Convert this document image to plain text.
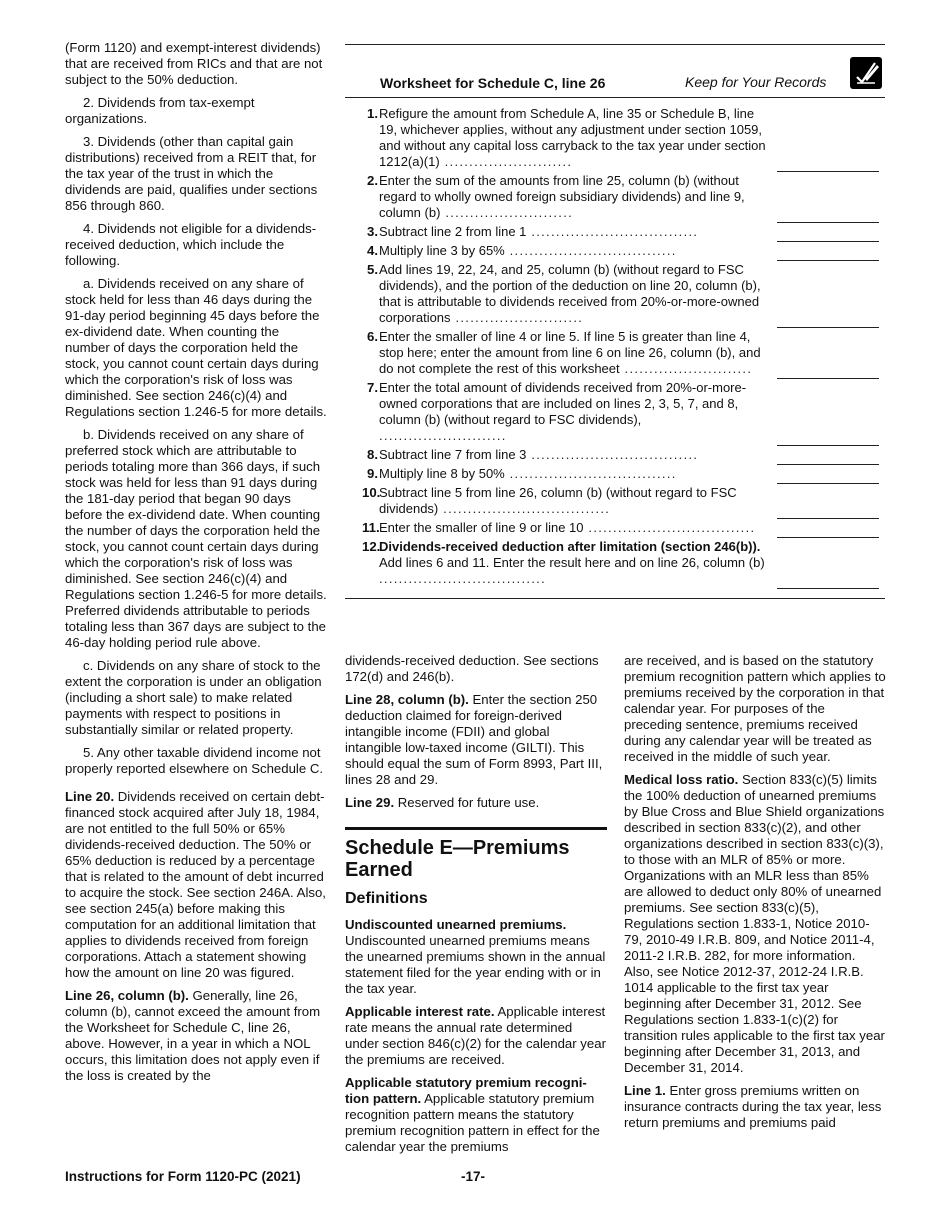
(Form 1120) and exempt-interest dividends) that are received from RICs and that are not subject to the 50% deduction.

2. Dividends from tax-exempt organizations.

3. Dividends (other than capital gain distributions) received from a REIT that, for the tax year of the trust in which the dividends are paid, qualifies under sections 856 through 860.

4. Dividends not eligible for a dividends-received deduction, which include the following.

a. Dividends received on any share of stock held for less than 46 days during the 91-day period beginning 45 days before the ex-dividend date. When counting the number of days the corporation held the stock, you cannot count certain days during which the corporation's risk of loss was diminished. See section 246(c)(4) and Regulations section 1.246-5 for more details.

b. Dividends received on any share of preferred stock which are attributable to periods totaling more than 366 days, if such stock was held for less than 91 days during the 181-day period that began 90 days before the ex-dividend date. When counting the number of days the corporation held the stock, you cannot count certain days during which the corporation's risk of loss was diminished. See section 246(c)(4) and Regulations section 1.246-5 for more details. Preferred dividends attributable to periods totaling less than 367 days are subject to the 46-day holding period rule above.

c. Dividends on any share of stock to the extent the corporation is under an obligation (including a short sale) to make related payments with respect to positions in substantially similar or related property.

5. Any other taxable dividend income not properly reported elsewhere on Schedule C.

Line 20. Dividends received on certain debt-financed stock acquired after July 18, 1984, are not entitled to the full 50% or 65% dividends-received deduction. The 50% or 65% deduction is reduced by a percentage that is related to the amount of debt incurred to acquire the stock. See section 246A. Also, see section 245(a) before making this computation for an additional limitation that applies to dividends received from foreign corporations. Attach a statement showing how the amount on line 20 was figured.

Line 26, column (b). Generally, line 26, column (b), cannot exceed the amount from the Worksheet for Schedule C, line 26, above. However, in a year in which a NOL occurs, this limitation does not apply even if the loss is created by the

Worksheet for Schedule C, line 26	Keep for Your Records
1. Refigure the amount from Schedule A, line 35 or Schedule B, line 19, whichever applies, without any adjustment under section 1059, and without any capital loss carryback to the tax year under section 1212(a)(1) ..........................
2. Enter the sum of the amounts from line 25, column (b) (without regard to wholly owned foreign subsidiary dividends) and line 9, column (b) ..........................
3. Subtract line 2 from line 1 ..................................
4. Multiply line 3 by 65% ..................................
5. Add lines 19, 22, 24, and 25, column (b) (without regard to FSC dividends), and the portion of the deduction on line 20, column (b), that is attributable to dividends received from 20%-or-more-owned corporations ..........................
6. Enter the smaller of line 4 or line 5. If line 5 is greater than line 4, stop here; enter the amount from line 6 on line 26, column (b), and do not complete the rest of this worksheet ..........................
7. Enter the total amount of dividends received from 20%-or-more-owned corporations that are included on lines 2, 3, 5, 7, and 8, column (b) (without regard to FSC dividends), ..........................
8. Subtract line 7 from line 3 ..................................
9. Multiply line 8 by 50% ..................................
10.
Subtract line 5 from line 26, column (b) (without regard to FSC dividends) ..................................
11. Enter the smaller of line 9 or line 10 ..................................
12.
Dividends-received deduction after limitation (section 246(b)). Add lines 6 and 11. Enter the result here and on line 26, column (b) ..................................

dividends-received deduction. See sections 172(d) and 246(b).

Line 28, column (b). Enter the section 250 deduction claimed for foreign-derived intangible income (FDII) and global intangible low-taxed income (GILTI). This should equal the sum of Form 8993, Part III, lines 28 and 29.

Line 29. Reserved for future use.

Schedule E—Premiums Earned
Definitions

Undiscounted unearned premiums. Undiscounted unearned premiums means the unearned premiums shown in the annual statement filed for the year ending with or in the tax year.

Applicable interest rate. Applicable interest rate means the annual rate determined under section 846(c)(2) for the calendar year the premiums are received.

Applicable statutory premium recogni-tion pattern. Applicable statutory premium recognition pattern means the statutory premium recognition pattern in effect for the calendar year the premiums

are received, and is based on the statutory premium recognition pattern which applies to premiums received by the corporation in that calendar year. For purposes of the preceding sentence, premiums received during any calendar year will be treated as received in the middle of such year.

Medical loss ratio. Section 833(c)(5) limits the 100% deduction of unearned premiums by Blue Cross and Blue Shield organizations described in section 833(c)(2), and other organizations described in section 833(c)(3), to those with an MLR of 85% or more. Organizations with an MLR less than 85% are allowed to deduct only 80% of unearned premiums. See section 833(c)(5), Regulations section 1.833-1, Notice 2010-79, 2010-49 I.R.B. 809, and Notice 2011-4, 2011-2 I.R.B. 282, for more information. Also, see Notice 2012-37, 2012-24 I.R.B. 1014 applicable to the first tax year beginning after December 31, 2012. See Regulations section 1.833-1(c)(2) for transition rules applicable to the first tax year beginning after December 31, 2013, and December 31, 2014.

Line 1. Enter gross premiums written on insurance contracts during the tax year, less return premiums and premiums paid

Instructions for Form 1120-PC (2021)	-17-
